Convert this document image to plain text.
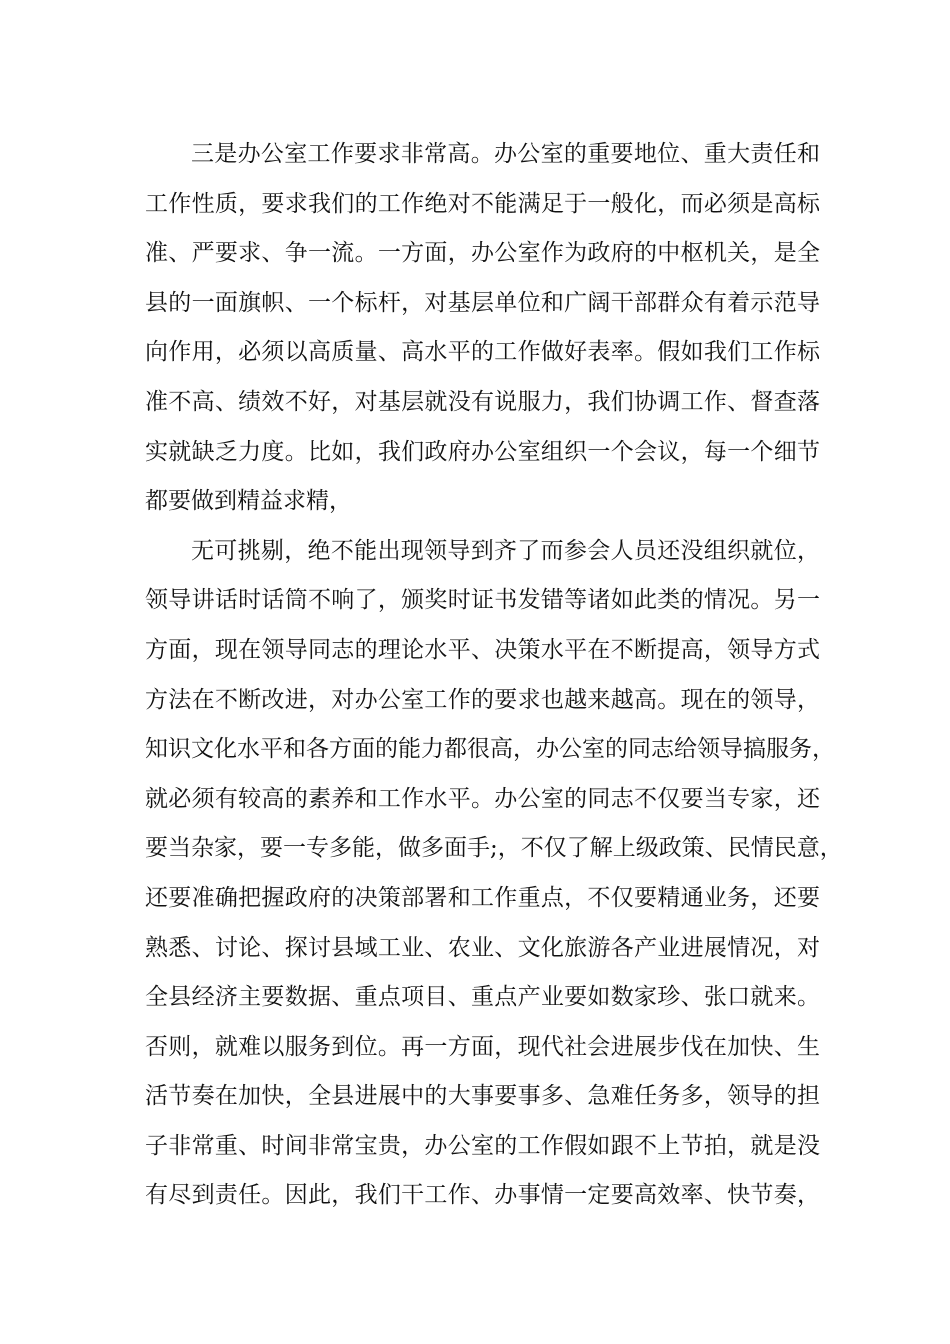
三是办公室工作要求非常高。办公室的重要地位、重大责任和
工作性质，要求我们的工作绝对不能满足于一般化，而必须是高标
准、严要求、争一流。一方面，办公室作为政府的中枢机关，是全
县的一面旗帜、一个标杆，对基层单位和广阔干部群众有着示范导
向作用，必须以高质量、高水平的工作做好表率。假如我们工作标
准不高、绩效不好，对基层就没有说服力，我们协调工作、督查落
实就缺乏力度。比如，我们政府办公室组织一个会议，每一个细节
都要做到精益求精，
无可挑剔，绝不能出现领导到齐了而参会人员还没组织就位，
领导讲话时话筒不响了，颁奖时证书发错等诸如此类的情况。另一
方面，现在领导同志的理论水平、决策水平在不断提高，领导方式
方法在不断改进，对办公室工作的要求也越来越高。现在的领导，
知识文化水平和各方面的能力都很高，办公室的同志给领导搞服务，
就必须有较高的素养和工作水平。办公室的同志不仅要当专家，还
要当杂家，要一专多能，做多面手;，不仅了解上级政策、民情民意，
还要准确把握政府的决策部署和工作重点，不仅要精通业务，还要
熟悉、讨论、探讨县域工业、农业、文化旅游各产业进展情况，对
全县经济主要数据、重点项目、重点产业要如数家珍、张口就来。
否则，就难以服务到位。再一方面，现代社会进展步伐在加快、生
活节奏在加快，全县进展中的大事要事多、急难任务多，领导的担
子非常重、时间非常宝贵，办公室的工作假如跟不上节拍，就是没
有尽到责任。因此，我们干工作、办事情一定要高效率、快节奏，
